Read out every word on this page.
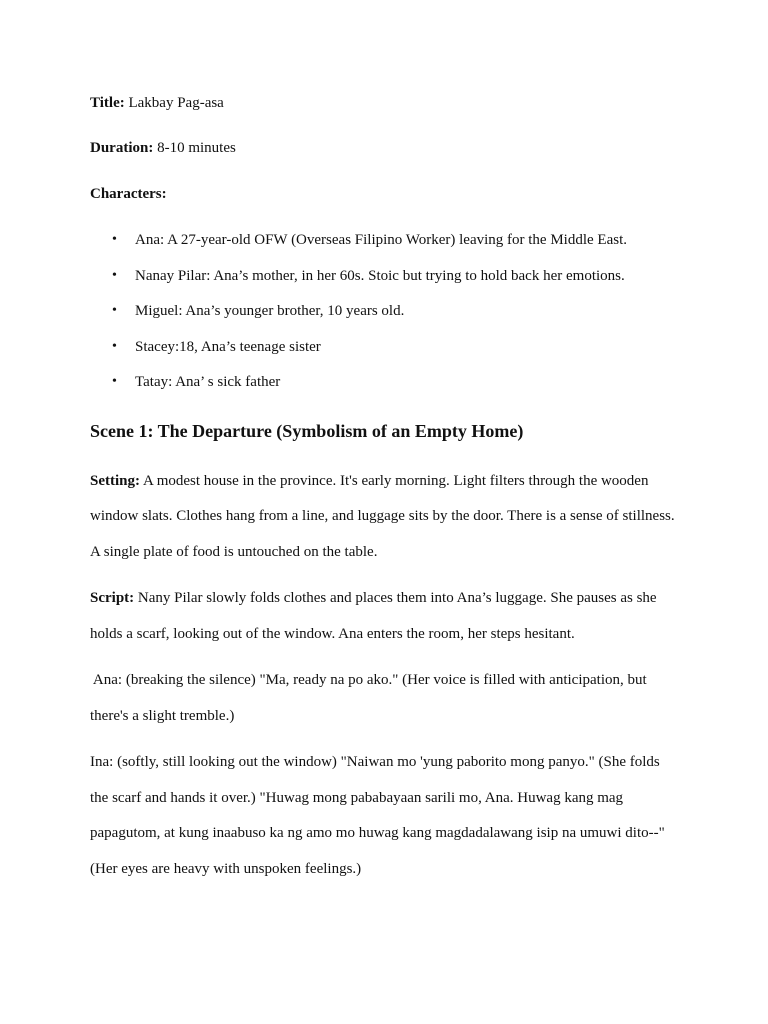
Title: Lakbay Pag-asa
Duration: 8-10 minutes
Characters:
• Ana: A 27-year-old OFW (Overseas Filipino Worker) leaving for the Middle East.
• Nanay Pilar: Ana’s mother, in her 60s. Stoic but trying to hold back her emotions.
• Miguel: Ana’s younger brother, 10 years old.
• Stacey:18, Ana’s teenage sister
• Tatay: Ana’ s sick father
Scene 1: The Departure (Symbolism of an Empty Home)
Setting: A modest house in the province. It's early morning. Light filters through the wooden
window slats. Clothes hang from a line, and luggage sits by the door. There is a sense of stillness.
A single plate of food is untouched on the table.
Script: Nany Pilar slowly folds clothes and places them into Ana’s luggage. She pauses as she
holds a scarf, looking out of the window. Ana enters the room, her steps hesitant.
Ana: (breaking the silence) "Ma, ready na po ako." (Her voice is filled with anticipation, but
there's a slight tremble.)
Ina: (softly, still looking out the window) "Naiwan mo 'yung paborito mong panyo." (She folds
the scarf and hands it over.) "Huwag mong pababayaan sarili mo, Ana. Huwag kang mag
papagutom, at kung inaabuso ka ng amo mo huwag kang magdadalawang isip na umuwi dito--"
(Her eyes are heavy with unspoken feelings.)
